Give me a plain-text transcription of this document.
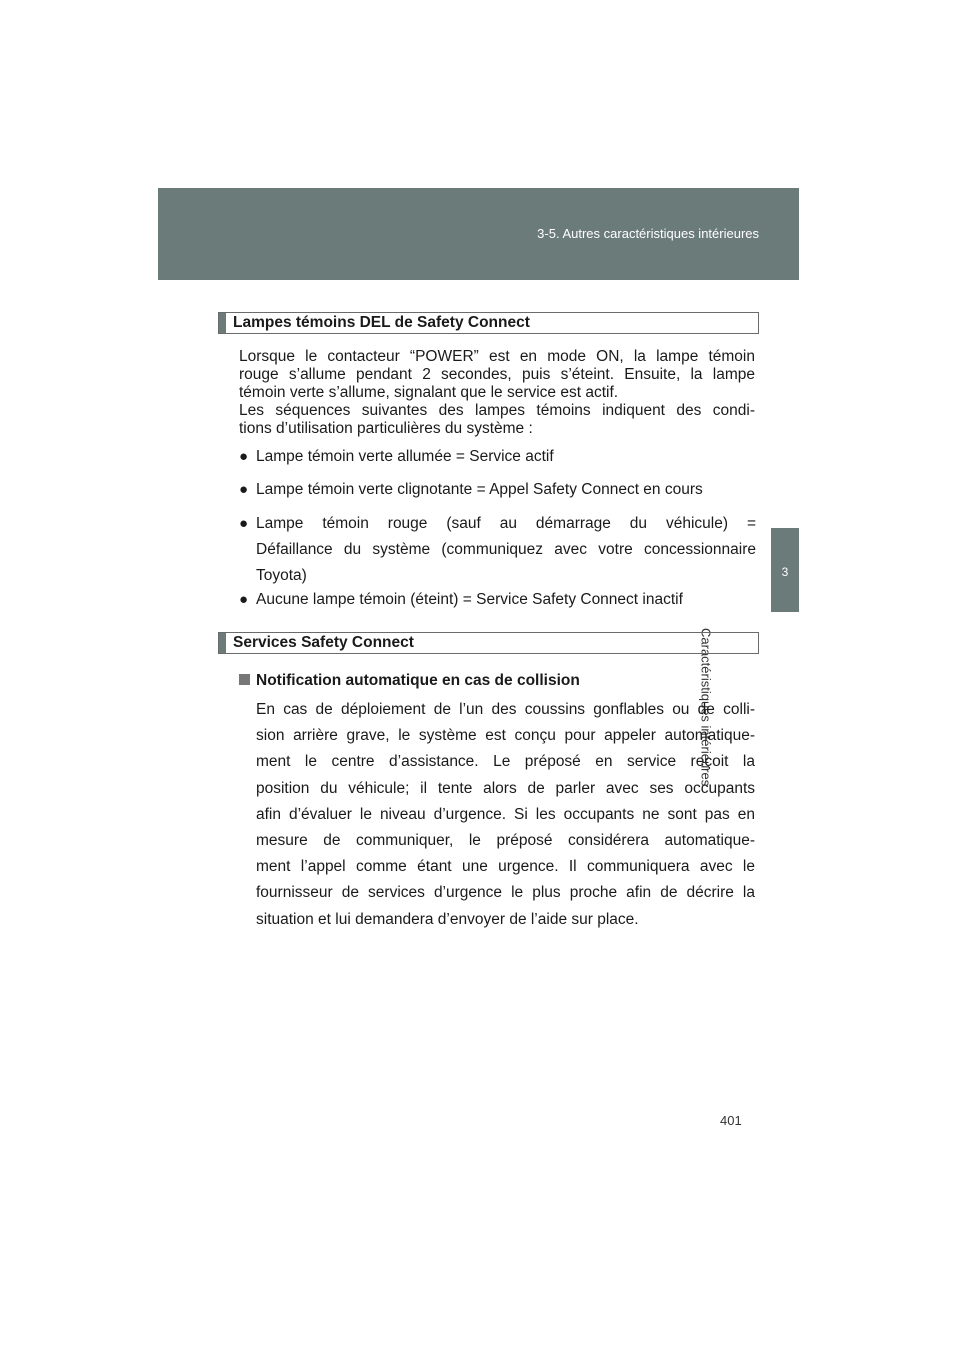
3-5. Autres caractéristiques intérieures
3
Caractéristiques intérieures
Lampes témoins DEL de Safety Connect
Lorsque le contacteur “POWER” est en mode ON, la lampe témoin
rouge s’allume pendant 2 secondes, puis s’éteint. Ensuite, la lampe
témoin verte s’allume, signalant que le service est actif.
Les séquences suivantes des lampes témoins indiquent des condi-
tions d’utilisation particulières du système :
● Lampe témoin verte allumée = Service actif
● Lampe témoin verte clignotante = Appel Safety Connect en cours
● Lampe témoin rouge (sauf au démarrage du véhicule) =
Défaillance du système (communiquez avec votre concessionnaire
Toyota)
● Aucune lampe témoin (éteint) = Service Safety Connect inactif
Services Safety Connect
Notification automatique en cas de collision
En cas de déploiement de l’un des coussins gonflables ou de colli-
sion arrière grave, le système est conçu pour appeler automatique-
ment le centre d’assistance. Le préposé en service reçoit la
position du véhicule; il tente alors de parler avec ses occupants
afin d’évaluer le niveau d’urgence. Si les occupants ne sont pas en
mesure de communiquer, le préposé considérera automatique-
ment l’appel comme étant une urgence. Il communiquera avec le
fournisseur de services d’urgence le plus proche afin de décrire la
situation et lui demandera d’envoyer de l’aide sur place.
401
